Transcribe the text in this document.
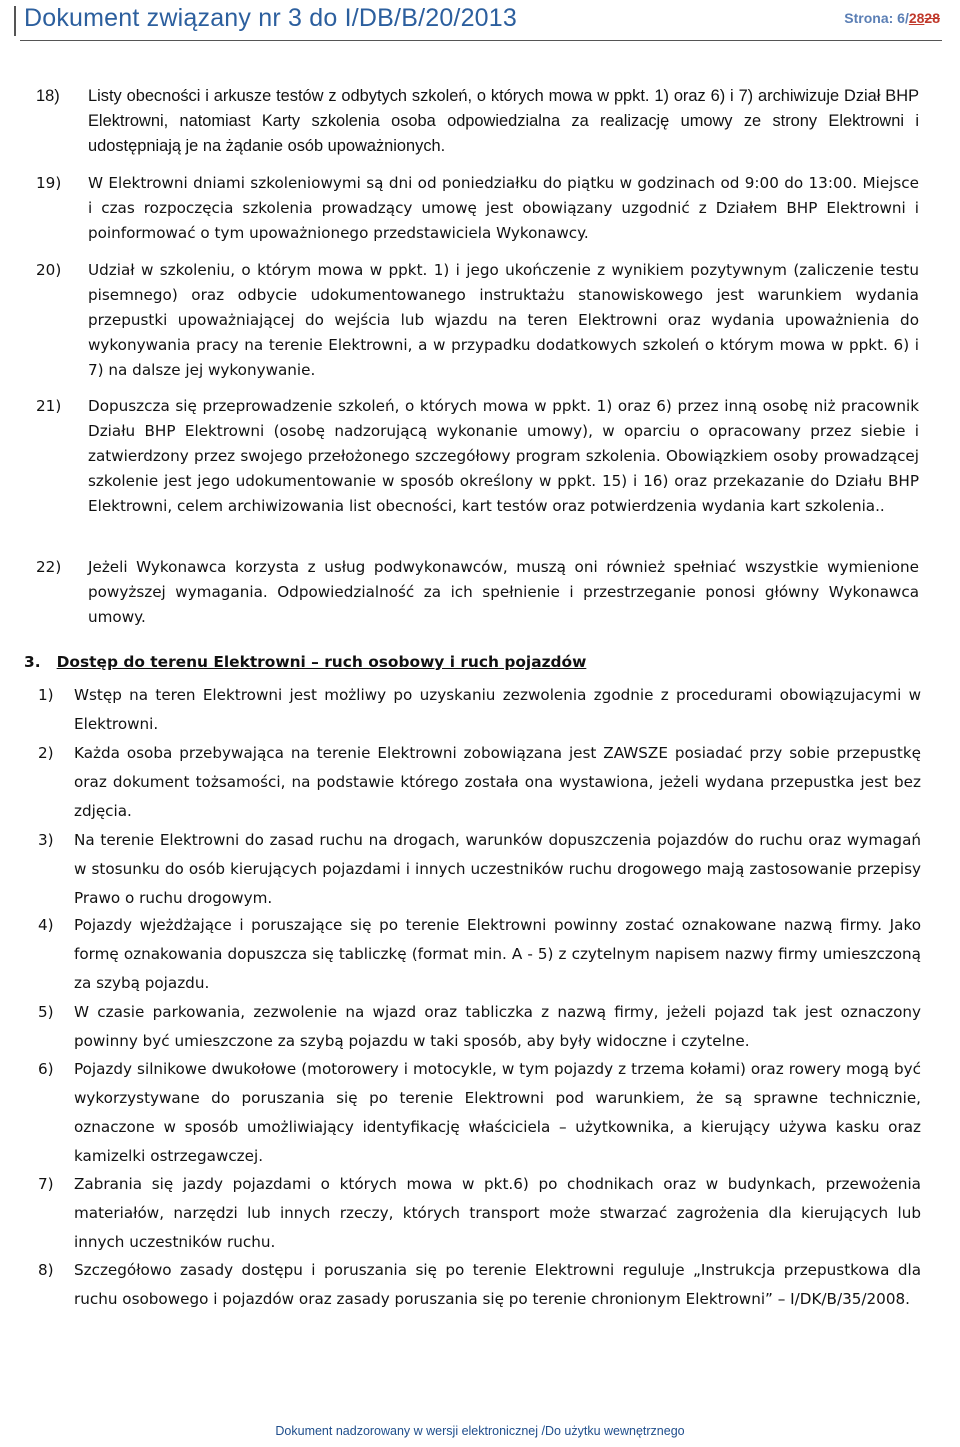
Dokument związany nr 3 do I/DB/B/20/2013	Strona: 6/2828
18) Listy obecności i arkusze testów z odbytych szkoleń, o których mowa w ppkt. 1) oraz 6) i 7) archiwizuje Dział BHP Elektrowni, natomiast Karty szkolenia osoba odpowiedzialna za realizację umowy ze strony Elektrowni i udostępniają je na żądanie osób upoważnionych.
19) W Elektrowni dniami szkoleniowymi są dni od poniedziałku do piątku w godzinach od 9:00 do 13:00. Miejsce i czas rozpoczęcia szkolenia prowadzący umowę jest obowiązany uzgodnić z Działem BHP Elektrowni i poinformować o tym upoważnionego przedstawiciela Wykonawcy.
20) Udział w szkoleniu, o którym mowa w ppkt. 1) i jego ukończenie z wynikiem pozytywnym (zaliczenie testu pisemnego) oraz odbycie udokumentowanego instruktażu stanowiskowego jest warunkiem wydania przepustki upoważniającej do wejścia lub wjazdu na teren Elektrowni oraz wydania upoważnienia do wykonywania pracy na terenie Elektrowni, a w przypadku dodatkowych szkoleń o którym mowa w ppkt. 6) i 7) na dalsze jej wykonywanie.
21) Dopuszcza się przeprowadzenie szkoleń, o których mowa w ppkt. 1) oraz 6) przez inną osobę niż pracownik Działu BHP Elektrowni (osobę nadzorującą wykonanie umowy), w oparciu o opracowany przez siebie i zatwierdzony przez swojego przełożonego szczegółowy program szkolenia. Obowiązkiem osoby prowadzącej szkolenie jest jego udokumentowanie w sposób określony w ppkt. 15) i 16) oraz przekazanie do Działu BHP Elektrowni, celem archiwizowania list obecności, kart testów oraz potwierdzenia wydania kart szkolenia..
22) Jeżeli Wykonawca korzysta z usług podwykonawców, muszą oni również spełniać wszystkie wymienione powyższej wymagania. Odpowiedzialność za ich spełnienie i przestrzeganie ponosi główny Wykonawca umowy.
3. Dostęp do terenu Elektrowni – ruch osobowy i ruch pojazdów
1) Wstęp na teren Elektrowni jest możliwy po uzyskaniu zezwolenia zgodnie z procedurami obowiązujacymi w Elektrowni.
2) Każda osoba przebywająca na terenie Elektrowni zobowiązana jest ZAWSZE posiadać przy sobie przepustkę oraz dokument tożsamości, na podstawie którego została ona wystawiona, jeżeli wydana przepustka jest bez zdjęcia.
3) Na terenie Elektrowni do zasad ruchu na drogach, warunków dopuszczenia pojazdów do ruchu oraz wymagań w stosunku do osób kierujących pojazdami i innych uczestników ruchu drogowego mają zastosowanie przepisy Prawo o ruchu drogowym.
4) Pojazdy wjeżdżające i poruszające się po terenie Elektrowni powinny zostać oznakowane nazwą firmy. Jako formę oznakowania dopuszcza się tabliczkę (format min. A - 5) z czytelnym napisem nazwy firmy umieszczoną za szybą pojazdu.
5) W czasie parkowania, zezwolenie na wjazd oraz tabliczka z nazwą firmy, jeżeli pojazd tak jest oznaczony powinny być umieszczone za szybą pojazdu w taki sposób, aby były widoczne i czytelne.
6) Pojazdy silnikowe dwukołowe (motorowery i motocykle, w tym pojazdy z trzema kołami) oraz rowery mogą być wykorzystywane do poruszania się po terenie Elektrowni pod warunkiem, że są sprawne technicznie, oznaczone w sposób umożliwiający identyfikację właściciela – użytkownika, a kierujący używa kasku oraz kamizelki ostrzegawczej.
7) Zabrania się jazdy pojazdami o których mowa w pkt.6) po chodnikach oraz w budynkach, przewożenia materiałów, narzędzi lub innych rzeczy, których transport może stwarzać zagrożenia dla kierujących lub innych uczestników ruchu.
8) Szczegółowo zasady dostępu i poruszania się po terenie Elektrowni reguluje „Instrukcja przepustkowa dla ruchu osobowego i pojazdów oraz zasady poruszania się po terenie chronionym Elektrowni” – I/DK/B/35/2008.
Dokument nadzorowany w wersji elektronicznej /Do użytku wewnętrznego
